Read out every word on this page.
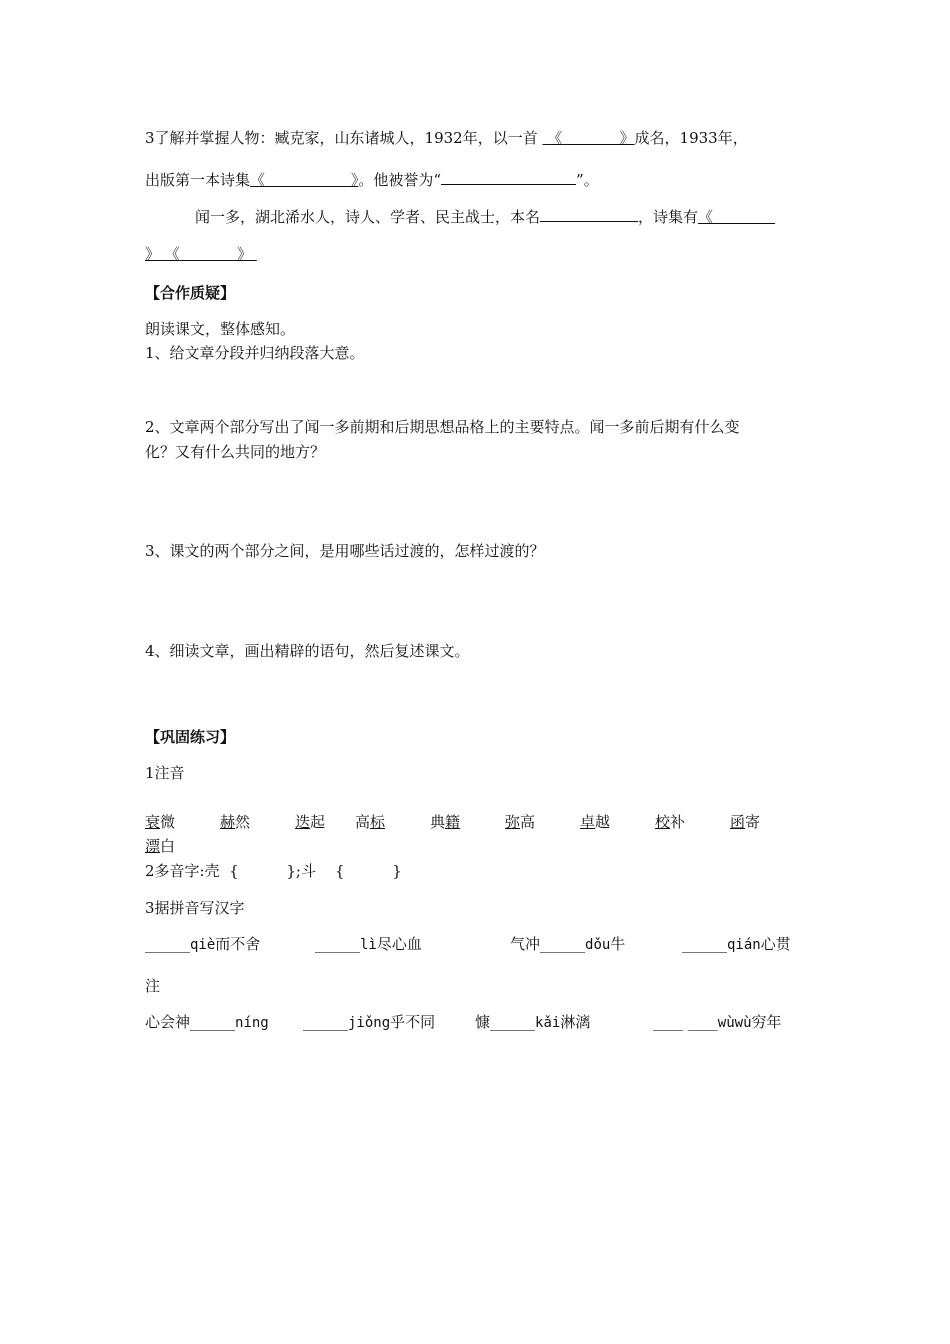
3了解并掌握人物：臧克家，山东诸城人，1932年，以一首 《	》成名，1933年，
出版第一本诗集《	》。他被誉为“	”。
闻一多，湖北浠水人，诗人、学者、民主战士，本名	，诗集有《
》 《	》
【合作质疑】
朗读课文，整体感知。
1、给文章分段并归纳段落大意。
2、文章两个部分写出了闻一多前期和后期思想品格上的主要特点。闻一多前后期有什么变
化？又有什么共同的地方？
3、课文的两个部分之间，是用哪些话过渡的，怎样过渡的？
4、细读文章，画出精辟的语句，然后复述课文。
【巩固练习】
1注音
衰微	赫然	迭起 高标	典籍	弥高	卓越	校补	函寄
漂白
2多音字:壳  {          };斗    {          }
3据拼音写汉字
______qiè而不舍	______lì尽心血	气冲______dǒu牛	______qián心贯
注
心会神______níng ______jiǒng乎不同	慷______kǎi淋漓	____ ____wùwù穷年
